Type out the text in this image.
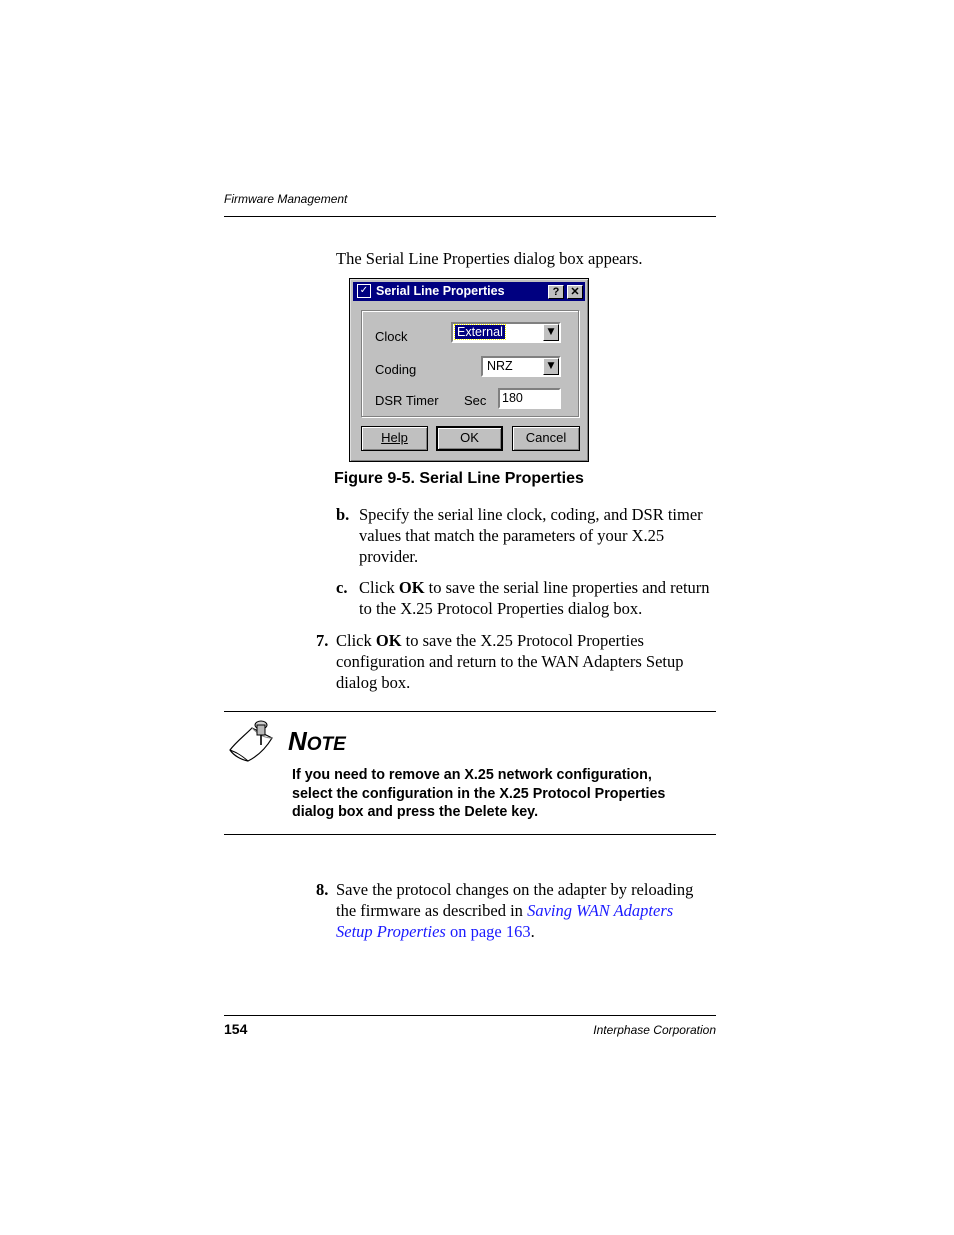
Firmware Management
The Serial Line Properties dialog box appears.
✓ Serial Line Properties	?	✕
Clock	External	▼
Coding	NRZ	▼
DSR Timer Sec	180
Help	OK	Cancel
Figure 9-5. Serial Line Properties
b. Specify the serial line clock, coding, and DSR timer
values that match the parameters of your X.25
provider.
c. Click OK to save the serial line properties and return
to the X.25 Protocol Properties dialog box.
7. Click OK to save the X.25 Protocol Properties
configuration and return to the WAN Adapters Setup
dialog box.
NOTE
If you need to remove an X.25 network configuration,
select the configuration in the X.25 Protocol Properties
dialog box and press the Delete key.
8. Save the protocol changes on the adapter by reloading
the firmware as described in Saving WAN Adapters
Setup Properties on page 163.
154	Interphase Corporation
